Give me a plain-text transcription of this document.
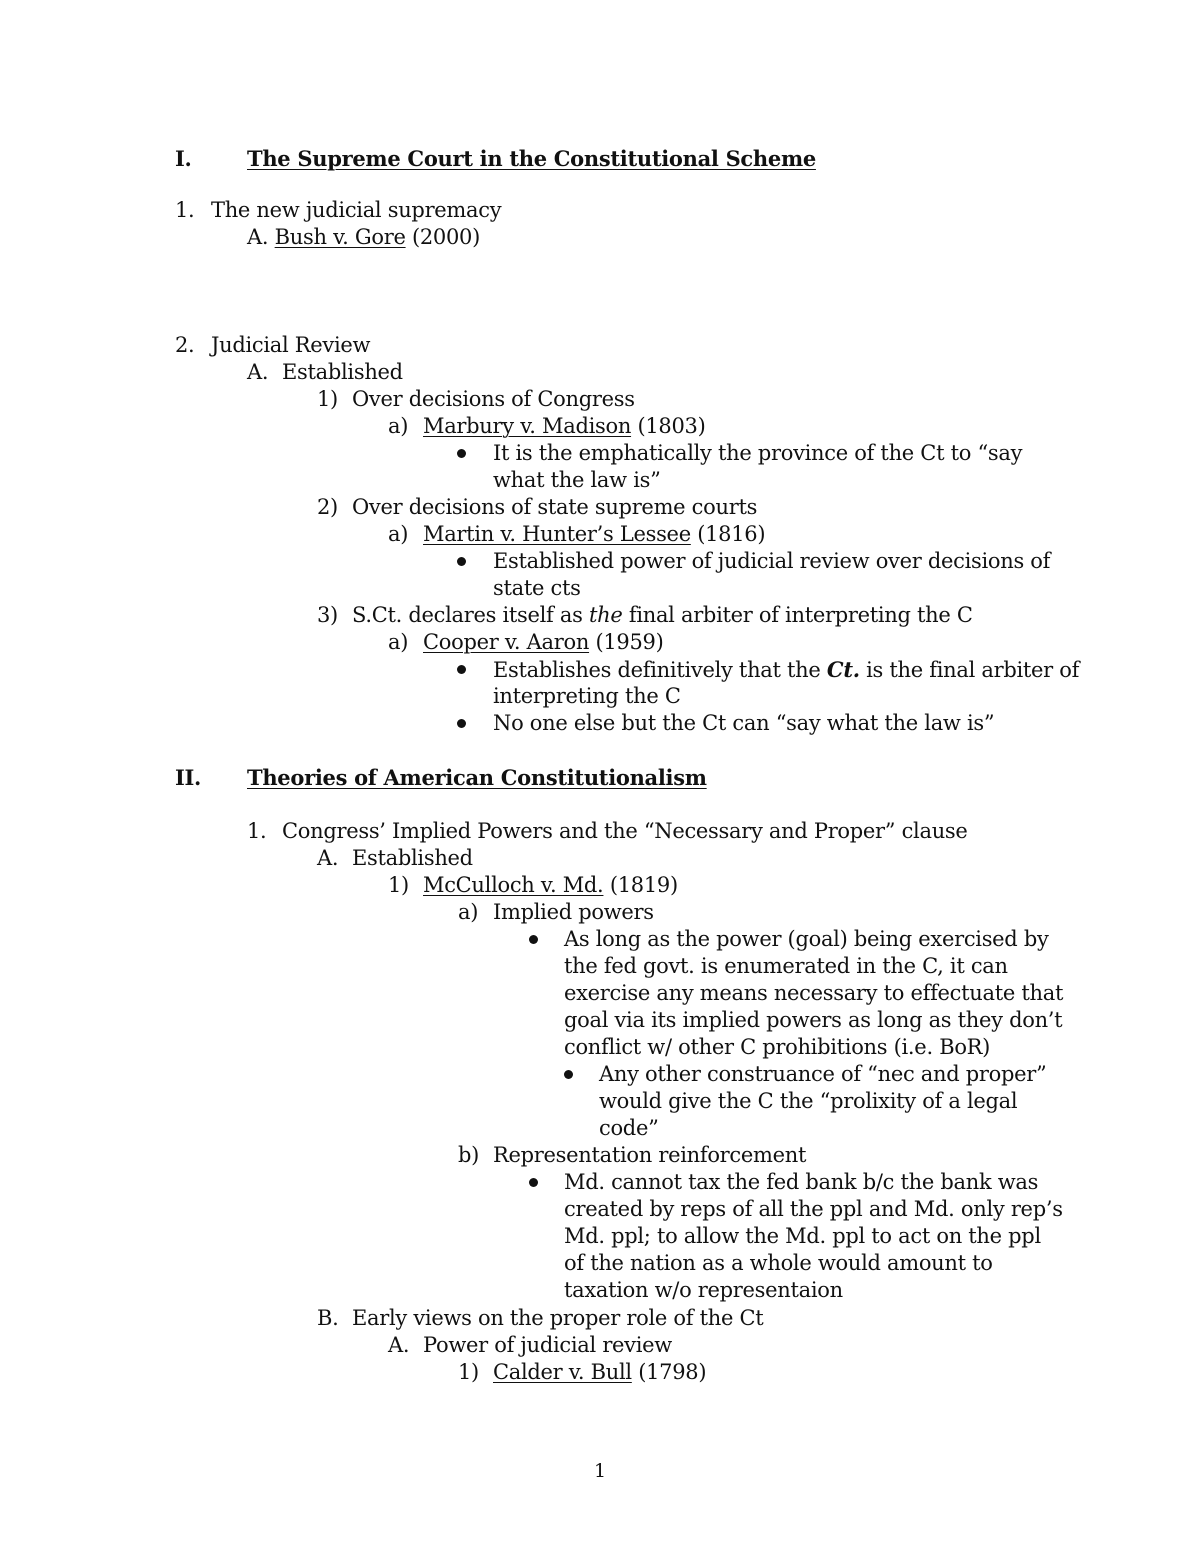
I.	The Supreme Court in the Constitutional Scheme
1. The new judicial supremacy
A. Bush v. Gore (2000)
2. Judicial Review
A. Established
1) Over decisions of Congress
a) Marbury v. Madison (1803)
It is the emphatically the province of the Ct to “say
what the law is”
2) Over decisions of state supreme courts
a) Martin v. Hunter’s Lessee (1816)
Established power of judicial review over decisions of
state cts
3) S.Ct. declares itself as the final arbiter of interpreting the C
a) Cooper v. Aaron (1959)
Establishes definitively that the Ct. is the final arbiter of
interpreting the C
No one else but the Ct can “say what the law is”
II. Theories of American Constitutionalism
1. Congress’ Implied Powers and the “Necessary and Proper” clause
A. Established
1) McCulloch v. Md. (1819)
a) Implied powers
As long as the power (goal) being exercised by
the fed govt. is enumerated in the C, it can
exercise any means necessary to effectuate that
goal via its implied powers as long as they don’t
conflict w/ other C prohibitions (i.e. BoR)
Any other construance of “nec and proper”
would give the C the “prolixity of a legal
code”
b) Representation reinforcement
Md. cannot tax the fed bank b/c the bank was
created by reps of all the ppl and Md. only rep’s
Md. ppl; to allow the Md. ppl to act on the ppl
of the nation as a whole would amount to
taxation w/o representaion
B. Early views on the proper role of the Ct
A. Power of judicial review
1) Calder v. Bull (1798)
1
